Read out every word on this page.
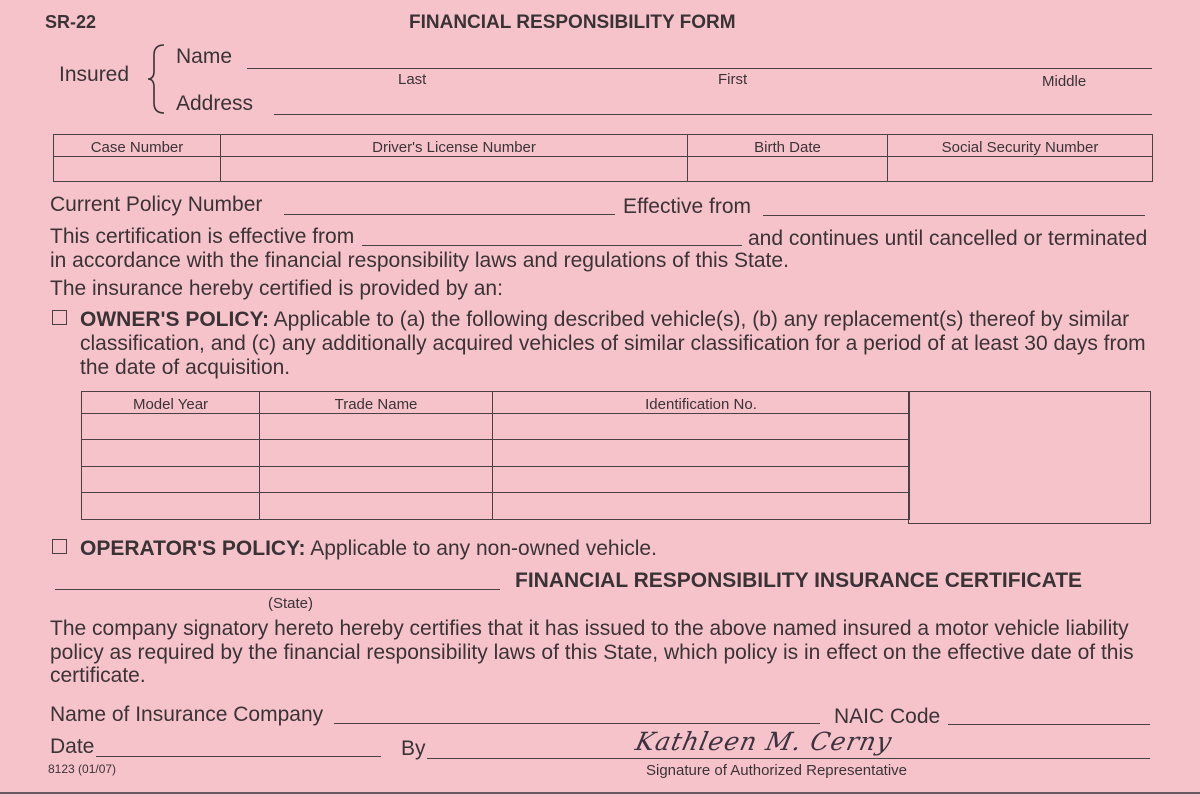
SR-22	FINANCIAL RESPONSIBILITY FORM
Insured
Name
Last	First	Middle
Address
Case Number	Driver's License Number	Birth Date	Social Security Number

Current Policy Number	Effective from
This certification is effective from	and continues until cancelled or terminated
in accordance with the financial responsibility laws and regulations of this State.
The insurance hereby certified is provided by an:
OWNER'S POLICY: Applicable to (a) the following described vehicle(s), (b) any replacement(s) thereof by similar
classification, and (c) any additionally acquired vehicles of similar classification for a period of at least 30 days from
the date of acquisition.
Model Year	Trade Name	Identification No.

OPERATOR'S POLICY: Applicable to any non-owned vehicle.
(State)
FINANCIAL RESPONSIBILITY INSURANCE CERTIFICATE
The company signatory hereto hereby certifies that it has issued to the above named insured a motor vehicle liability
policy as required by the financial responsibility laws of this State, which policy is in effect on the effective date of this
certificate.
Name of Insurance Company	NAIC Code
Date	By	Kathleen M. Cerny
Signature of Authorized Representative
8123 (01/07)
